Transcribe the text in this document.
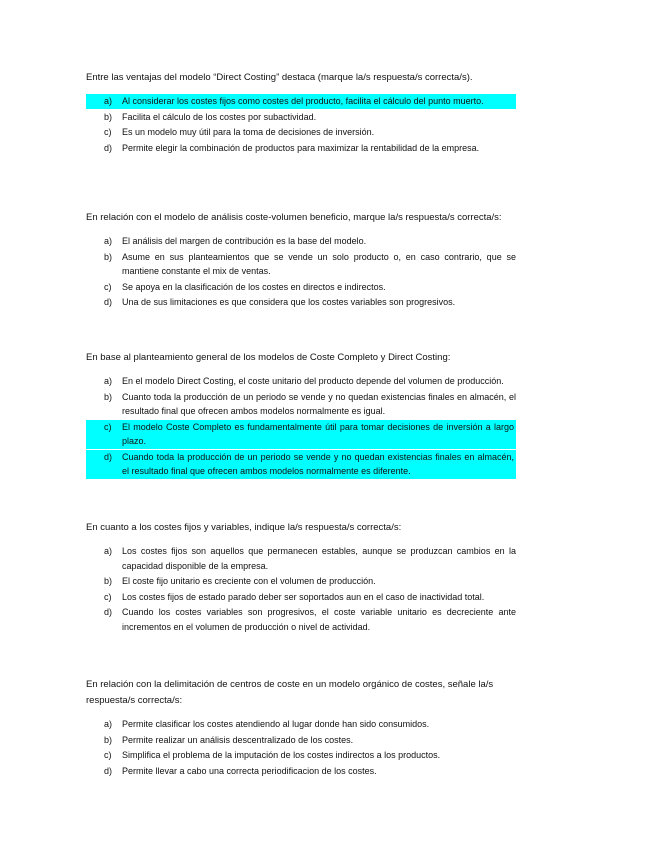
Entre las ventajas del modelo “Direct Costing” destaca (marque la/s respuesta/s correcta/s).

a)	Al considerar los costes fijos como costes del producto, facilita el cálculo del punto muerto.
b)	Facilita el cálculo de los costes por subactividad.
c)	Es un modelo muy útil para la toma de decisiones de inversión.
d)	Permite elegir la combinación de productos para maximizar la rentabilidad de la empresa.

En relación con el modelo de análisis coste-volumen beneficio, marque la/s respuesta/s correcta/s:

a)	El análisis del margen de contribución es la base del modelo.
b)	Asume en sus planteamientos que se vende un solo producto o, en caso contrario, que se mantiene constante el mix de ventas.
c)	Se apoya en la clasificación de los costes en directos e indirectos.
d)	Una de sus limitaciones es que considera que los costes variables son progresivos.

En base al planteamiento general de los modelos de Coste Completo y Direct Costing:

a)	En el modelo Direct Costing, el coste unitario del producto depende del volumen de producción.
b)	Cuanto toda la producción de un periodo se vende y no quedan existencias finales en almacén, el resultado final que ofrecen ambos modelos normalmente es igual.
c)	El modelo Coste Completo es fundamentalmente útil para tomar decisiones de inversión a largo plazo.
d)	Cuando toda la producción de un periodo se vende y no quedan existencias finales en almacén, el resultado final que ofrecen ambos modelos normalmente es diferente.

En cuanto a los costes fijos y variables, indique la/s respuesta/s correcta/s:

a)	Los costes fijos son aquellos que permanecen estables, aunque se produzcan cambios en la capacidad disponible de la empresa.
b)	El coste fijo unitario es creciente con el volumen de producción.
c)	Los costes fijos de estado parado deber ser soportados aun en el caso de inactividad total.
d)	Cuando los costes variables son progresivos, el coste variable unitario es decreciente ante incrementos en el volumen de producción o nivel de actividad.

En relación con la delimitación de centros de coste en un modelo orgánico de costes, señale la/s respuesta/s correcta/s:

a)	Permite clasificar los costes atendiendo al lugar donde han sido consumidos.
b)	Permite realizar un análisis descentralizado de los costes.
c)	Simplifica el problema de la imputación de los costes indirectos a los productos.
d)	Permite llevar a cabo una correcta periodificacion de los costes.
